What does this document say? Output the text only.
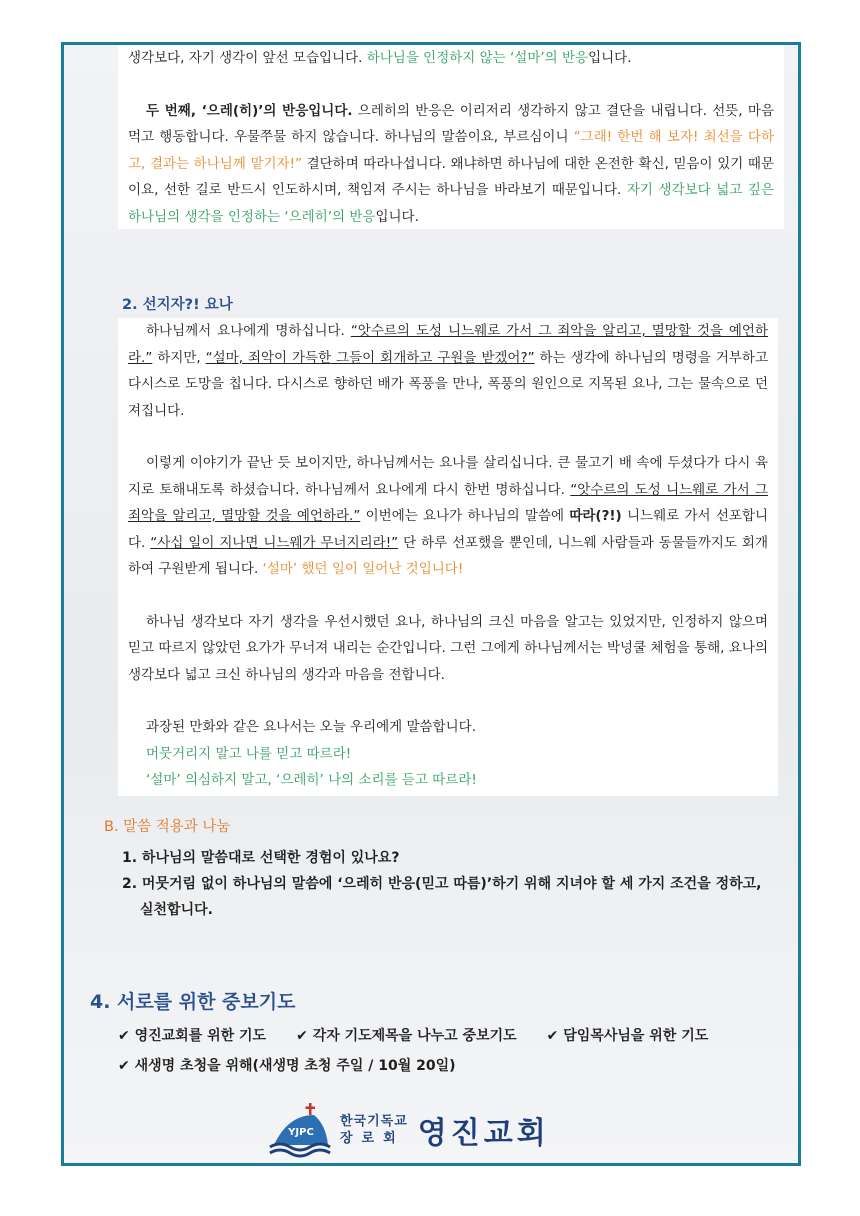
생각보다, 자기 생각이 앞선 모습입니다. 하나님을 인정하지 않는 ‘설마’의 반응입니다.

두 번째, ‘으레(히)’의 반응입니다. 으레히의 반응은 이리저리 생각하지 않고 결단을 내립니다. 선뜻, 마음먹고 행동합니다. 우물쭈물 하지 않습니다. 하나님의 말씀이요, 부르심이니 “그래! 한번 해 보자! 최선을 다하고, 결과는 하나님께 맡기자!” 결단하며 따라나섭니다. 왜냐하면 하나님에 대한 온전한 확신, 믿음이 있기 때문이요, 선한 길로 반드시 인도하시며, 책임져 주시는 하나님을 바라보기 때문입니다. 자기 생각보다 넓고 깊은 하나님의 생각을 인정하는 ‘으레히’의 반응입니다.

2. 선지자?! 요나

하나님께서 요나에게 명하십니다. “앗수르의 도성 니느웨로 가서 그 죄악을 알리고, 멸망할 것을 예언하라.” 하지만, “설마, 죄악이 가득한 그들이 회개하고 구원을 받겠어?” 하는 생각에 하나님의 명령을 거부하고 다시스로 도망을 칩니다. 다시스로 향하던 배가 폭풍을 만나, 폭풍의 원인으로 지목된 요나, 그는 물속으로 던져집니다.

이렇게 이야기가 끝난 듯 보이지만, 하나님께서는 요나를 살리십니다. 큰 물고기 배 속에 두셨다가 다시 육지로 토해내도록 하셨습니다. 하나님께서 요나에게 다시 한번 명하십니다. “앗수르의 도성 니느웨로 가서 그 죄악을 알리고, 멸망할 것을 예언하라.” 이번에는 요나가 하나님의 말씀에 따라(?!) 니느웨로 가서 선포합니다. “사십 일이 지나면 니느웨가 무너지리라!” 단 하루 선포했을 뿐인데, 니느웨 사람들과 동물들까지도 회개하여 구원받게 됩니다. ‘설마’ 했던 일이 일어난 것입니다!

하나님 생각보다 자기 생각을 우선시했던 요나, 하나님의 크신 마음을 알고는 있었지만, 인정하지 않으며 믿고 따르지 않았던 요가가 무너져 내리는 순간입니다. 그런 그에게 하나님께서는 박넝쿨 체험을 통해, 요나의 생각보다 넓고 크신 하나님의 생각과 마음을 전합니다.

과장된 만화와 같은 요나서는 오늘 우리에게 말씀합니다.

머뭇거리지 말고 나를 믿고 따르라!

‘설마’ 의심하지 말고, ‘으레히’ 나의 소리를 듣고 따르라!

B. 말씀 적용과 나눔
1. 하나님의 말씀대로 선택한 경험이 있나요?
2. 머뭇거림 없이 하나님의 말씀에 ‘으레히 반응(믿고 따름)’하기 위해 지녀야 할 세 가지 조건을 정하고, 실천합니다.
4. 서로를 위한 중보기도
✔ 영진교회를 위한 기도 ✔ 각자 기도제목을 나누고 중보기도 ✔ 담임목사님을 위한 기도
✔ 새생명 초청을 위해(새생명 초청 주일 / 10월 20일)
YJPC
한국기독교
장로회 영진교회
